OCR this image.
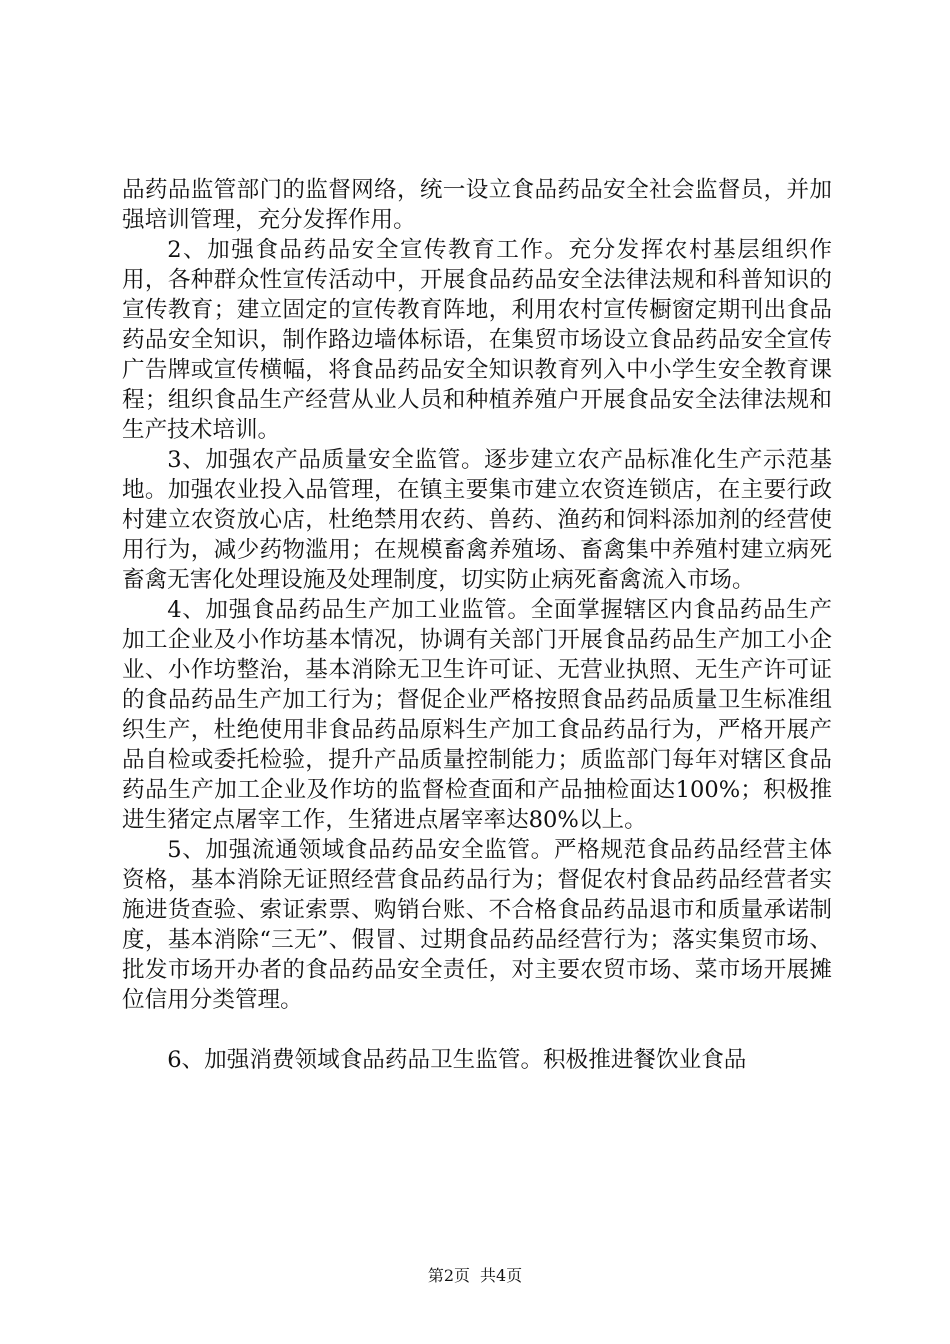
品药品监管部门的监督网络，统一设立食品药品安全社会监督员，并加强培训管理，充分发挥作用。

2、加强食品药品安全宣传教育工作。充分发挥农村基层组织作用，各种群众性宣传活动中，开展食品药品安全法律法规和科普知识的宣传教育；建立固定的宣传教育阵地，利用农村宣传橱窗定期刊出食品药品安全知识，制作路边墙体标语，在集贸市场设立食品药品安全宣传广告牌或宣传横幅，将食品药品安全知识教育列入中小学生安全教育课程；组织食品生产经营从业人员和种植养殖户开展食品安全法律法规和生产技术培训。

3、加强农产品质量安全监管。逐步建立农产品标准化生产示范基地。加强农业投入品管理，在镇主要集市建立农资连锁店，在主要行政村建立农资放心店，杜绝禁用农药、兽药、渔药和饲料添加剂的经营使用行为，减少药物滥用；在规模畜禽养殖场、畜禽集中养殖村建立病死畜禽无害化处理设施及处理制度，切实防止病死畜禽流入市场。

4、加强食品药品生产加工业监管。全面掌握辖区内食品药品生产加工企业及小作坊基本情况，协调有关部门开展食品药品生产加工小企业、小作坊整治，基本消除无卫生许可证、无营业执照、无生产许可证的食品药品生产加工行为；督促企业严格按照食品药品质量卫生标准组织生产，杜绝使用非食品药品原料生产加工食品药品行为，严格开展产品自检或委托检验，提升产品质量控制能力；质监部门每年对辖区食品药品生产加工企业及作坊的监督检查面和产品抽检面达100%；积极推进生猪定点屠宰工作，生猪进点屠宰率达80%以上。

5、加强流通领域食品药品安全监管。严格规范食品药品经营主体资格，基本消除无证照经营食品药品行为；督促农村食品药品经营者实施进货查验、索证索票、购销台账、不合格食品药品退市和质量承诺制度，基本消除“三无”、假冒、过期食品药品经营行为；落实集贸市场、批发市场开办者的食品药品安全责任，对主要农贸市场、菜市场开展摊位信用分类管理。

6、加强消费领域食品药品卫生监管。积极推进餐饮业食品

第2页 共4页
